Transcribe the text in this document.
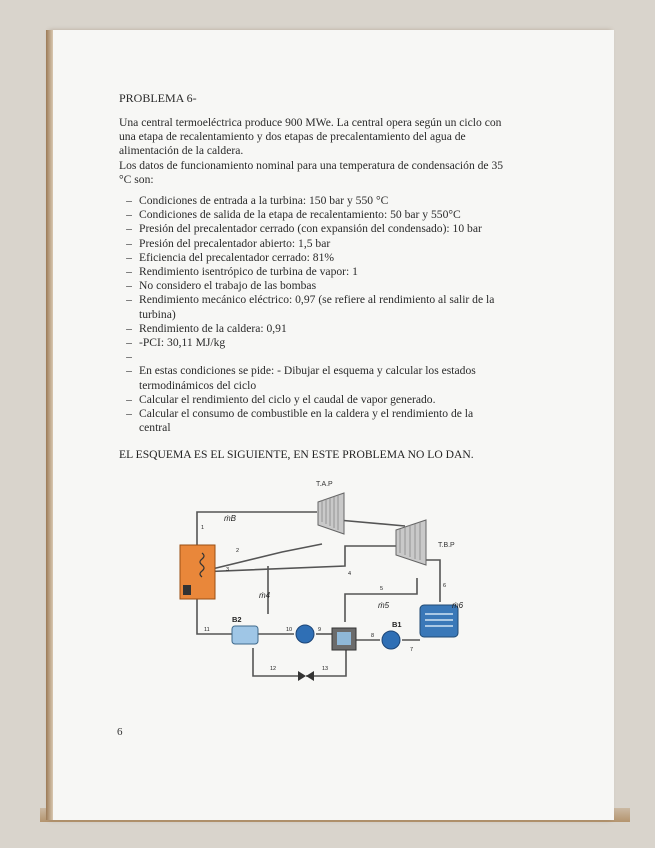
PROBLEMA 6-

Una central termoeléctrica produce 900 MWe. La central opera según un ciclo con

una etapa de recalentamiento y dos etapas de precalentamiento del agua de

alimentación de la caldera.

Los datos de funcionamiento nominal para una temperatura de condensación de 35

°C son:

– Condiciones de entrada a la turbina: 150 bar y 550 °C
– Condiciones de salida de la etapa de recalentamiento: 50 bar y 550°C
– Presión del precalentador cerrado (con expansión del condensado): 10 bar
– Presión del precalentador abierto: 1,5 bar
– Eficiencia del precalentador cerrado: 81%
– Rendimiento isentrópico de turbina de vapor: 1
– No considero el trabajo de las bombas
– Rendimiento mecánico eléctrico: 0,97 (se refiere al rendimiento al salir de la
turbina)
– Rendimiento de la caldera: 0,91
– -PCI: 30,11 MJ/kg
–
– En estas condiciones se pide: - Dibujar el esquema y calcular los estados
termodinámicos del ciclo
– Calcular el rendimiento del ciclo y el caudal de vapor generado.
– Calcular el consumo de combustible en la caldera y el rendimiento de la
central
EL ESQUEMA ES EL SIGUIENTE, EN ESTE PROBLEMA NO LO DAN.
T.A.P
T.B.P
B2
B1
ṁB
ṁ4
ṁ5	ṁ6
1
2
3
4
5	6
7
8
9
10
11
12	13
6
